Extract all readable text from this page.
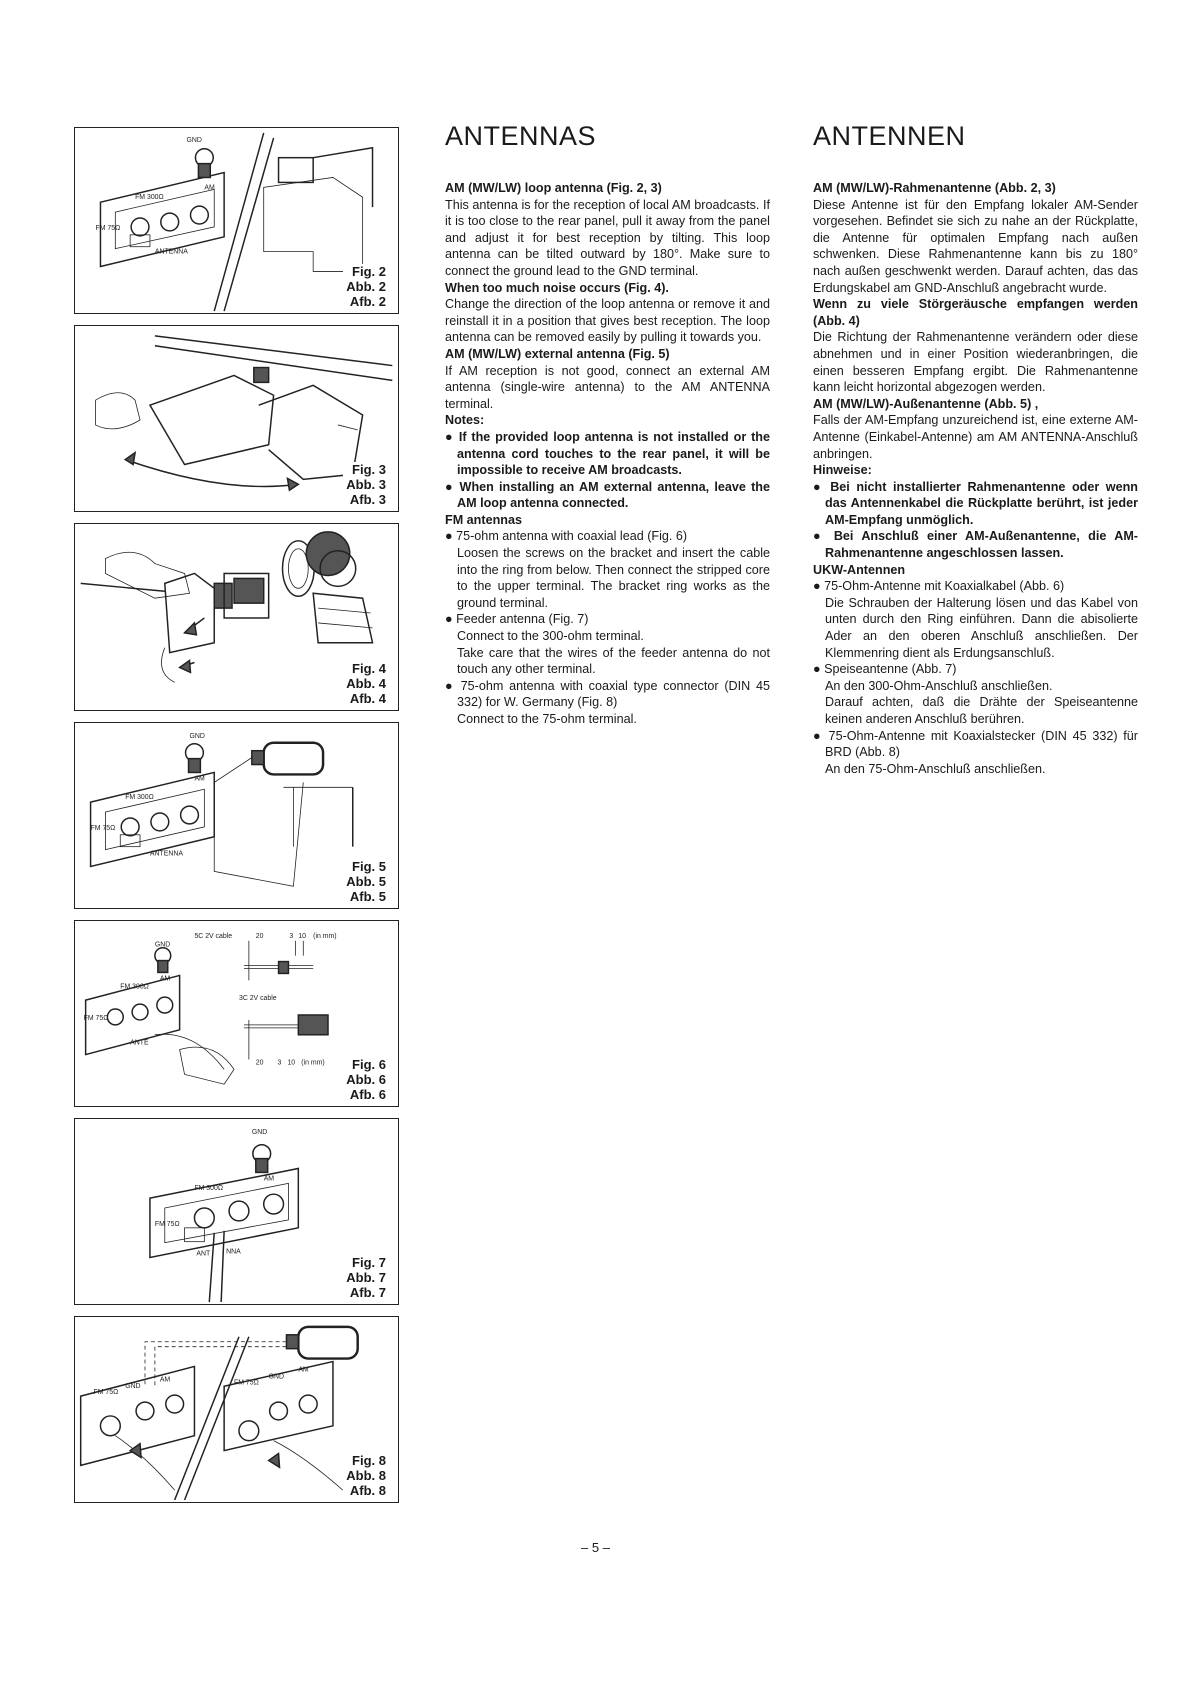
GND
AM
FM 300Ω
FM 75Ω
ANTENNA
Fig. 2
Abb. 2
Afb. 2
Fig. 3
Abb. 3
Afb. 3
Fig. 4
Abb. 4
Afb. 4
GND
AM
FM 300Ω
FM 75Ω
ANTENNA
Fig. 5
Abb. 5
Afb. 5
5C 2V cable	20	3 10 (in mm)
3C 2V cable
20 3 10 (in mm)
GND
AM
FM 300Ω
FM 75Ω
ANTE
Fig. 6
Abb. 6
Afb. 6
GND
AM
FM 300Ω
FM 75Ω
ANT NNA
Fig. 7
Abb. 7
Afb. 7
FM 75Ω
GND
AM	FM 75Ω
GND
AM
Fig. 8
Abb. 8
Afb. 8
ANTENNAS

AM (MW/LW) loop antenna (Fig. 2, 3)

This antenna is for the reception of local AM broadcasts. If it is too close to the rear panel, pull it away from the panel and adjust it for best reception by tilting. This loop antenna can be tilted outward by 180°. Make sure to connect the ground lead to the GND terminal.

When too much noise occurs (Fig. 4).

Change the direction of the loop antenna or remove it and reinstall it in a position that gives best reception. The loop antenna can be removed easily by pulling it towards you.

AM (MW/LW) external antenna (Fig. 5)

If AM reception is not good, connect an external AM antenna (single-wire antenna) to the AM ANTENNA terminal.

Notes:

● If the provided loop antenna is not installed or the antenna cord touches to the rear panel, it will be impossible to receive AM broadcasts.

● When installing an AM external antenna, leave the AM loop antenna connected.

FM antennas

● 75-ohm antenna with coaxial lead (Fig. 6)

Loosen the screws on the bracket and insert the cable into the ring from below. Then connect the stripped core to the upper terminal. The bracket ring works as the ground terminal.

● Feeder antenna (Fig. 7)

Connect to the 300-ohm terminal.

Take care that the wires of the feeder antenna do not touch any other terminal.

● 75-ohm antenna with coaxial type connector (DIN 45 332) for W. Germany (Fig. 8)

Connect to the 75-ohm terminal.

ANTENNEN

AM (MW/LW)-Rahmenantenne (Abb. 2, 3)

Diese Antenne ist für den Empfang lokaler AM-Sender vorgesehen. Befindet sie sich zu nahe an der Rückplatte, die Antenne für optimalen Empfang nach außen schwenken. Diese Rahmenantenne kann bis zu 180° nach außen geschwenkt werden. Darauf achten, das das Erdungskabel am GND-Anschluß angebracht wurde.

Wenn zu viele Störgeräusche empfangen werden (Abb. 4)

Die Richtung der Rahmenantenne verändern oder diese abnehmen und in einer Position wiederanbringen, die einen besseren Empfang ergibt. Die Rahmenantenne kann leicht horizontal abgezogen werden.

AM (MW/LW)-Außenantenne (Abb. 5) ,

Falls der AM-Empfang unzureichend ist, eine externe AM-Antenne (Einkabel-Antenne) am AM ANTENNA-Anschluß anbringen.

Hinweise:

● Bei nicht installierter Rahmenantenne oder wenn das Antennenkabel die Rückplatte berührt, ist jeder AM-Empfang unmöglich.

● Bei Anschluß einer AM-Außenantenne, die AM-Rahmenantenne angeschlossen lassen.

UKW-Antennen

● 75-Ohm-Antenne mit Koaxialkabel (Abb. 6)

Die Schrauben der Halterung lösen und das Kabel von unten durch den Ring einführen. Dann die abisolierte Ader an den oberen Anschluß anschließen. Der Klemmenring dient als Erdungsanschluß.

● Speiseantenne (Abb. 7)

An den 300-Ohm-Anschluß anschließen.

Darauf achten, daß die Drähte der Speiseantenne keinen anderen Anschluß berühren.

● 75-Ohm-Antenne mit Koaxialstecker (DIN 45 332) für BRD (Abb. 8)

An den 75-Ohm-Anschluß anschließen.

– 5 –
